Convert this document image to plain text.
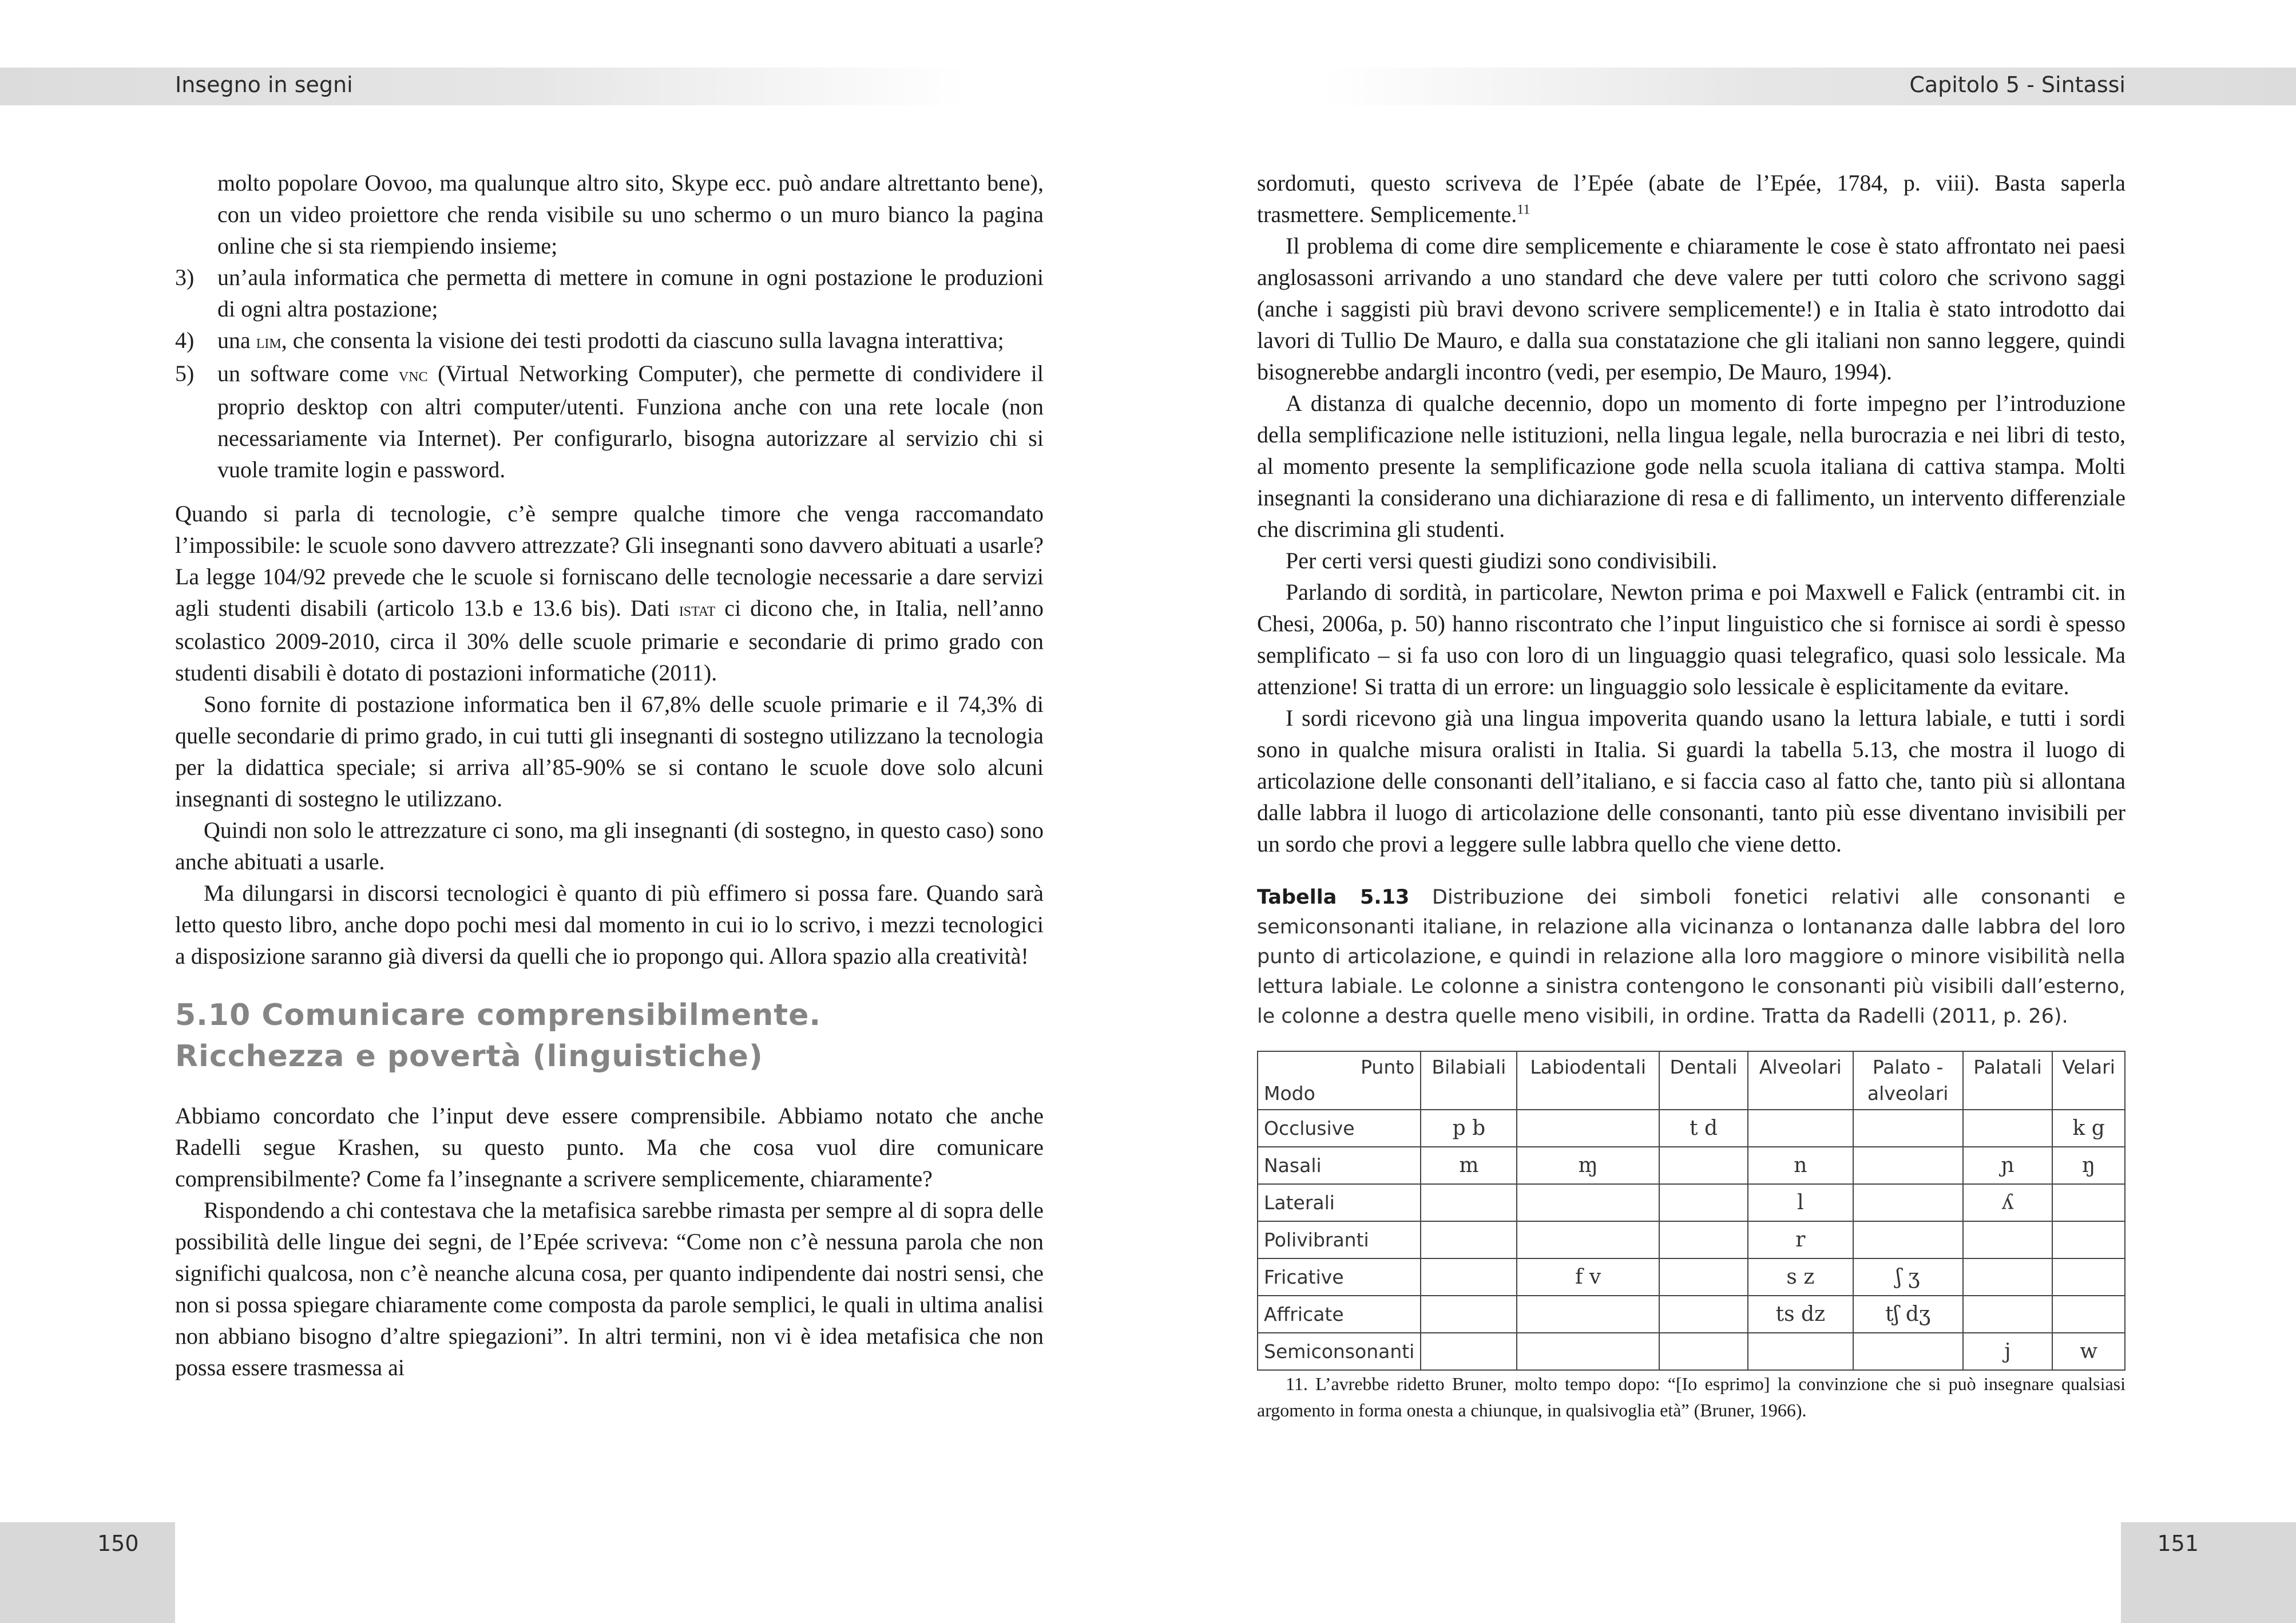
Insegno in segni

molto popolare Oovoo, ma qualunque altro sito, Skype ecc. può andare altrettanto bene), con un video proiettore che renda visibile su uno schermo o un muro bianco la pagina online che si sta riempiendo insieme;

3)	un’aula informatica che permetta di mettere in comune in ogni postazione le produzioni di ogni altra postazione;
4)	una lim, che consenta la visione dei testi prodotti da ciascuno sulla lavagna interattiva;
5)	un software come vnc (Virtual Networking Computer), che permette di condividere il proprio desktop con altri computer/utenti. Funziona anche con una rete locale (non necessariamente via Internet). Per configurarlo, bisogna autorizzare al servizio chi si vuole tramite login e password.

Quando si parla di tecnologie, c’è sempre qualche timore che venga raccomandato l’impossibile: le scuole sono davvero attrezzate? Gli insegnanti sono davvero abituati a usarle? La legge 104/92 prevede che le scuole si forniscano delle tecnologie necessarie a dare servizi agli studenti disabili (articolo 13.b e 13.6 bis). Dati istat ci dicono che, in Italia, nell’anno scolastico 2009-2010, circa il 30% delle scuole primarie e secondarie di primo grado con studenti disabili è dotato di postazioni informatiche (2011).

Sono fornite di postazione informatica ben il 67,8% delle scuole primarie e il 74,3% di quelle secondarie di primo grado, in cui tutti gli insegnanti di sostegno utilizzano la tecnologia per la didattica speciale; si arriva all’85-90% se si contano le scuole dove solo alcuni insegnanti di sostegno le utilizzano.

Quindi non solo le attrezzature ci sono, ma gli insegnanti (di sostegno, in questo caso) sono anche abituati a usarle.

Ma dilungarsi in discorsi tecnologici è quanto di più effimero si possa fare. Quando sarà letto questo libro, anche dopo pochi mesi dal momento in cui io lo scrivo, i mezzi tecnologici a disposizione saranno già diversi da quelli che io propongo qui. Allora spazio alla creatività!

5.10 Comunicare comprensibilmente.
Ricchezza e povertà (linguistiche)

Abbiamo concordato che l’input deve essere comprensibile. Abbiamo notato che anche Radelli segue Krashen, su questo punto. Ma che cosa vuol dire comunicare comprensibilmente? Come fa l’insegnante a scrivere semplicemente, chiaramente?

Rispondendo a chi contestava che la metafisica sarebbe rimasta per sempre al di sopra delle possibilità delle lingue dei segni, de l’Epée scriveva: “Come non c’è nessuna parola che non significhi qualcosa, non c’è neanche alcuna cosa, per quanto indipendente dai nostri sensi, che non si possa spiegare chiaramente come composta da parole semplici, le quali in ultima analisi non abbiano bisogno d’altre spiegazioni”. In altri termini, non vi è idea metafisica che non possa essere trasmessa ai

150
Capitolo 5 - Sintassi

sordomuti, questo scriveva de l’Epée (abate de l’Epée, 1784, p. viii). Basta saperla trasmettere. Semplicemente.$^{11}$

Il problema di come dire semplicemente e chiaramente le cose è stato affrontato nei paesi anglosassoni arrivando a uno standard che deve valere per tutti coloro che scrivono saggi (anche i saggisti più bravi devono scrivere semplicemente!) e in Italia è stato introdotto dai lavori di Tullio De Mauro, e dalla sua constatazione che gli italiani non sanno leggere, quindi bisognerebbe andargli incontro (vedi, per esempio, De Mauro, 1994).

A distanza di qualche decennio, dopo un momento di forte impegno per l’introduzione della semplificazione nelle istituzioni, nella lingua legale, nella burocrazia e nei libri di testo, al momento presente la semplificazione gode nella scuola italiana di cattiva stampa. Molti insegnanti la considerano una dichiarazione di resa e di fallimento, un intervento differenziale che discrimina gli studenti.

Per certi versi questi giudizi sono condivisibili.

Parlando di sordità, in particolare, Newton prima e poi Maxwell e Falick (entrambi cit. in Chesi, 2006a, p. 50) hanno riscontrato che l’input linguistico che si fornisce ai sordi è spesso semplificato – si fa uso con loro di un linguaggio quasi telegrafico, quasi solo lessicale. Ma attenzione! Si tratta di un errore: un linguaggio solo lessicale è esplicitamente da evitare.

I sordi ricevono già una lingua impoverita quando usano la lettura labiale, e tutti i sordi sono in qualche misura oralisti in Italia. Si guardi la tabella 5.13, che mostra il luogo di articolazione delle consonanti dell’italiano, e si faccia caso al fatto che, tanto più si allontana dalle labbra il luogo di articolazione delle consonanti, tanto più esse diventano invisibili per un sordo che provi a leggere sulle labbra quello che viene detto.

Tabella 5.13 Distribuzione dei simboli fonetici relativi alle consonanti e semiconsonanti italiane, in relazione alla vicinanza o lontananza dalle labbra del loro punto di articolazione, e quindi in relazione alla loro maggiore o minore visibilità nella lettura labiale. Le colonne a sinistra contengono le consonanti più visibili dall’esterno, le colonne a destra quelle meno visibili, in ordine. Tratta da Radelli (2011, p. 26).

Punto
Modo	Bilabiali	Labiodentali	Dentali	Alveolari	Palato - alveolari	Palatali	Velari
Occlusive	p b		t d				k g
Nasali	m	ɱ		n		ɲ	ŋ
Laterali				l		ʎ	
Polivibranti				r			
Fricative		f v		s z	ʃ ʒ		
Affricate				ts dz	tʃ dʒ		
Semiconsonanti						j	w

11. L’avrebbe ridetto Bruner, molto tempo dopo: “[Io esprimo] la convinzione che si può insegnare qualsiasi argomento in forma onesta a chiunque, in qualsivoglia età” (Bruner, 1966).

151
